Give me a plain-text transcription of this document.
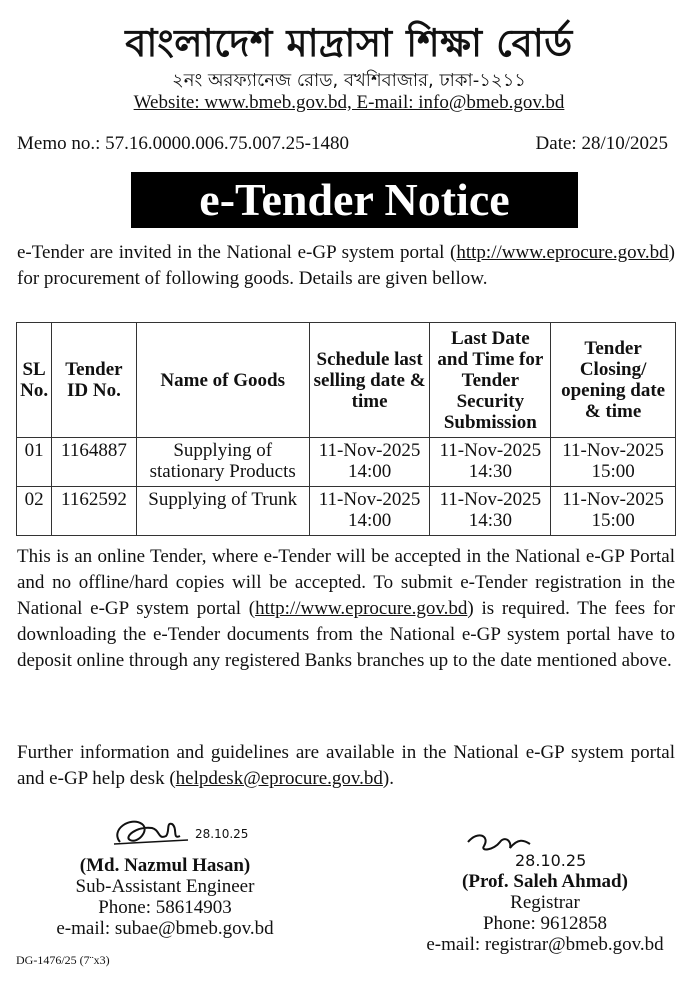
বাংলাদেশ মাদ্রাসা শিক্ষা বোর্ড
২নং অরফ্যানেজ রোড, বখশিবাজার, ঢাকা-১২১১
Website: www.bmeb.gov.bd, E-mail: info@bmeb.gov.bd
Memo no.: 57.16.0000.006.75.007.25-1480	Date: 28/10/2025
e-Tender Notice
e-Tender are invited in the National e-GP system portal (http://www.eprocure.gov.bd) for procurement of following goods. Details are given bellow.
SL No.	Tender ID No.	Name of Goods	Schedule last selling date & time	Last Date and Time for Tender Security Submission	Tender Closing/ opening date & time
01	1164887	Supplying of stationary Products	11-Nov-2025 14:00	11-Nov-2025 14:30	11-Nov-2025 15:00
02	1162592	Supplying of Trunk	11-Nov-2025 14:00	11-Nov-2025 14:30	11-Nov-2025 15:00
This is an online Tender, where e-Tender will be accepted in the National e-GP Portal and no offline/hard copies will be accepted. To submit e-Tender registration in the National e-GP system portal (http://www.eprocure.gov.bd) is required. The fees for downloading the e-Tender documents from the National e-GP system portal have to deposit online through any registered Banks branches up to the date mentioned above.
Further information and guidelines are available in the National e-GP system portal and e-GP help desk (helpdesk@eprocure.gov.bd).
28.10.25
(Md. Nazmul Hasan)
Sub-Assistant Engineer
Phone: 58614903
e-mail: subae@bmeb.gov.bd
28.10.25
(Prof. Saleh Ahmad)
Registrar
Phone: 9612858
e-mail: registrar@bmeb.gov.bd
DG-1476/25 (7¨x3)
